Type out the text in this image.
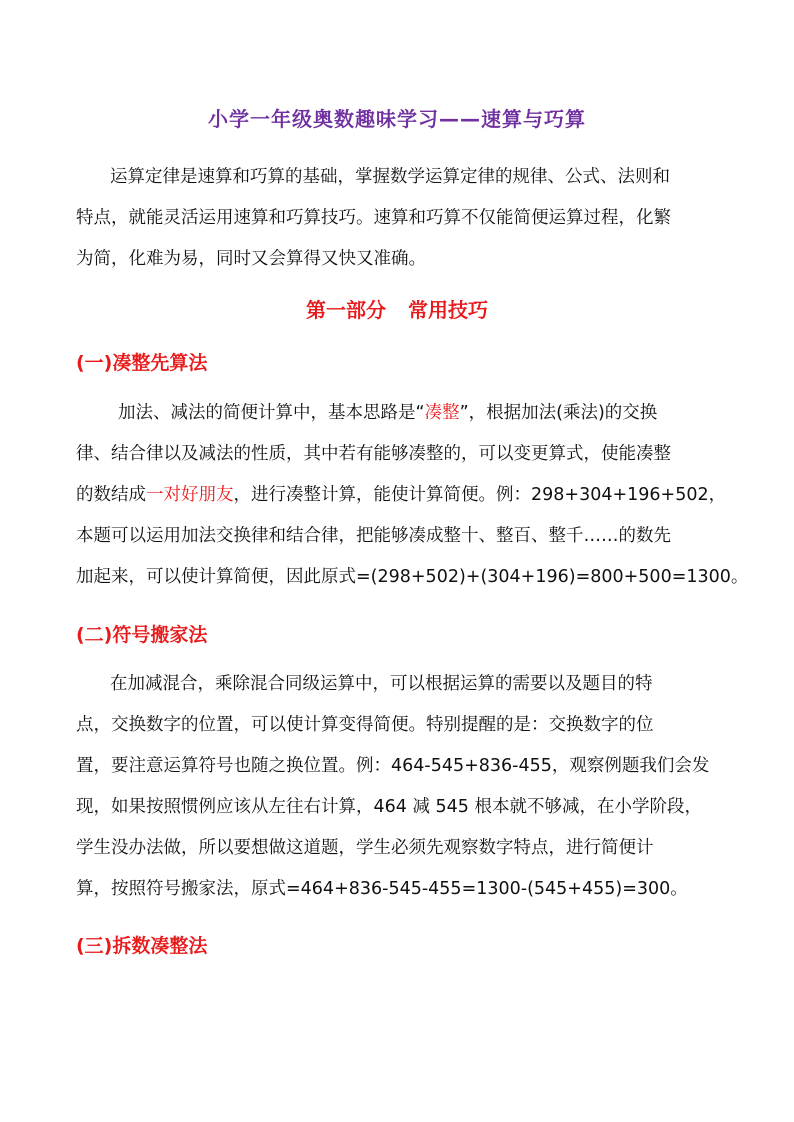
小学一年级奥数趣味学习——速算与巧算
运算定律是速算和巧算的基础，掌握数学运算定律的规律、公式、法则和
特点，就能灵活运用速算和巧算技巧。速算和巧算不仅能简便运算过程，化繁
为简，化难为易，同时又会算得又快又准确。
第一部分 常用技巧
(一)凑整先算法
加法、减法的简便计算中，基本思路是“凑整”，根据加法(乘法)的交换
律、结合律以及减法的性质，其中若有能够凑整的，可以变更算式，使能凑整
的数结成一对好朋友，进行凑整计算，能使计算简便。例：298+304+196+502，
本题可以运用加法交换律和结合律，把能够凑成整十、整百、整千……的数先
加起来，可以使计算简便，因此原式=(298+502)+(304+196)=800+500=1300。
(二)符号搬家法
在加减混合，乘除混合同级运算中，可以根据运算的需要以及题目的特
点，交换数字的位置，可以使计算变得简便。特别提醒的是：交换数字的位
置，要注意运算符号也随之换位置。例：464-545+836-455，观察例题我们会发
现，如果按照惯例应该从左往右计算，464 减 545 根本就不够减，在小学阶段，
学生没办法做，所以要想做这道题，学生必须先观察数字特点，进行简便计
算，按照符号搬家法，原式=464+836-545-455=1300-(545+455)=300。
(三)拆数凑整法
